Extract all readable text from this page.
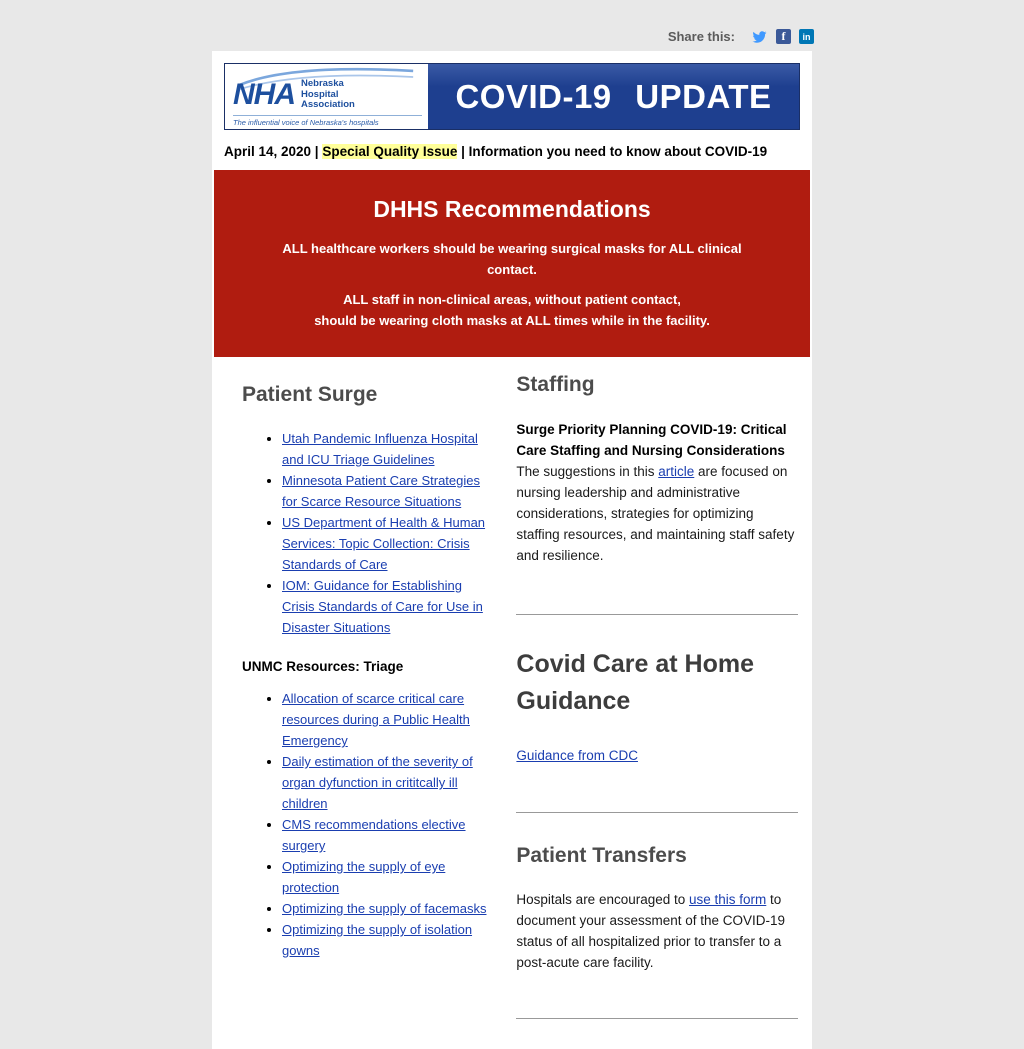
Share this:	f	in
NHA Nebraska
Hospital
Association
The influential voice of Nebraska's hospitals
COVID-19 UPDATE
April 14, 2020 | Special Quality Issue | Information you need to know about COVID-19
DHHS Recommendations

ALL healthcare workers should be wearing surgical masks for ALL clinical contact.

ALL staff in non-clinical areas, without patient contact,
should be wearing cloth masks at ALL times while in the facility.

Patient Surge
• Utah Pandemic Influenza Hospital and ICU Triage Guidelines
• Minnesota Patient Care Strategies for Scarce Resource Situations
• US Department of Health & Human Services: Topic Collection: Crisis Standards of Care
• IOM: Guidance for Establishing Crisis Standards of Care for Use in Disaster Situations
UNMC Resources: Triage
• Allocation of scarce critical care resources during a Public Health Emergency
• Daily estimation of the severity of organ dyfunction in crititcally ill children
• CMS recommendations elective surgery
• Optimizing the supply of eye protection
• Optimizing the supply of facemasks
• Optimizing the supply of isolation gowns
Staffing

Surge Priority Planning COVID-19: Critical Care Staffing and Nursing Considerations

The suggestions in this article are focused on nursing leadership and administrative considerations, strategies for optimizing staffing resources, and maintaining staff safety and resilience.

Covid Care at Home Guidance

Guidance from CDC

Patient Transfers

Hospitals are encouraged to use this form to document your assessment of the COVID-19 status of all hospitalized prior to transfer to a post-acute care facility.
